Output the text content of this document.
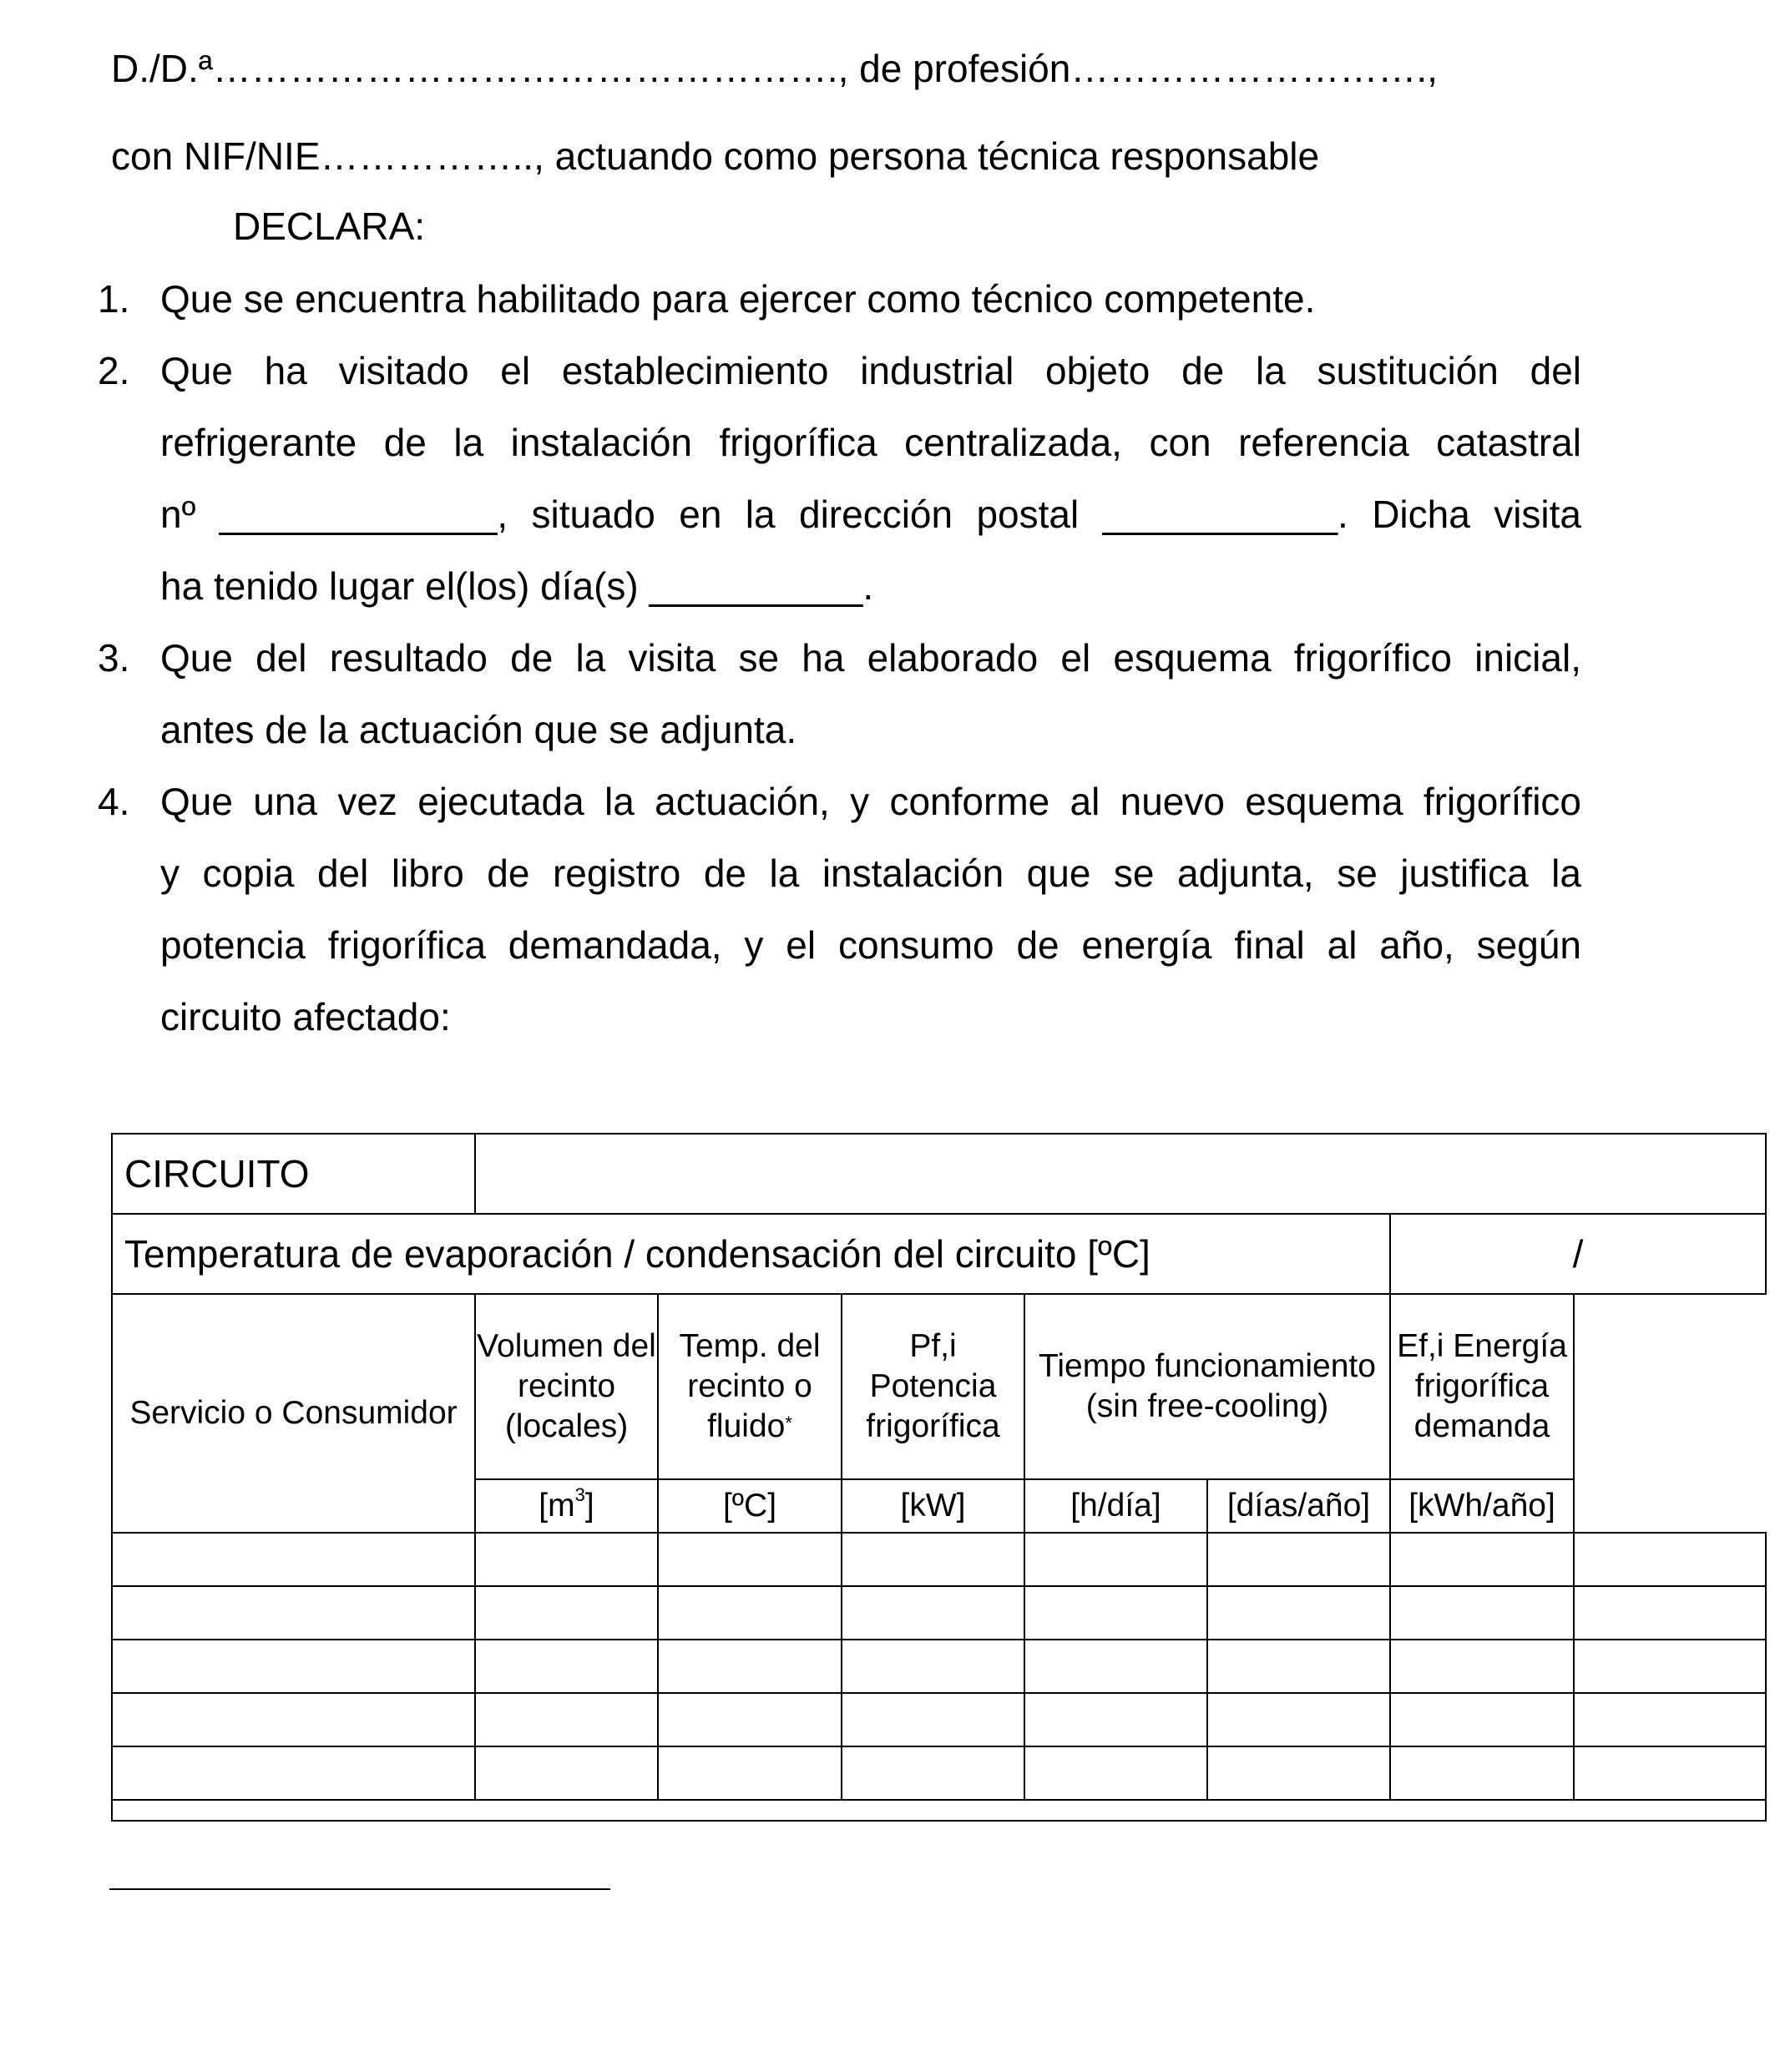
D./D.ª…………………………………………., de profesión……………………….,
con NIF/NIE…………….., actuando como persona técnica responsable
DECLARA:
1. Que se encuentra habilitado para ejercer como técnico competente.
2. Que ha visitado el establecimiento industrial objeto de la sustitución del
refrigerante de la instalación frigorífica centralizada, con referencia catastral
nº _____________, situado en la dirección postal ___________. Dicha visita
ha tenido lugar el(los) día(s) __________.
3. Que del resultado de la visita se ha elaborado el esquema frigorífico inicial,
antes de la actuación que se adjunta.
4. Que una vez ejecutada la actuación, y conforme al nuevo esquema frigorífico
y copia del libro de registro de la instalación que se adjunta, se justifica la
potencia frigorífica demandada, y el consumo de energía final al año, según
circuito afectado:
CIRCUITO							
Temperatura de evaporación / condensación del circuito [ºC]						/	
Servicio o Consumidor	Volumen del recinto (locales)	Temp. del recinto o fluido*	Pf,i Potencia frigorífica	Tiempo funcionamiento (sin free-cooling)		Ef,i Energía frigorífica demanda	
	$[m^3]$	[ºC]	[kW]	[h/día]	[días/año]	[kWh/año]	
